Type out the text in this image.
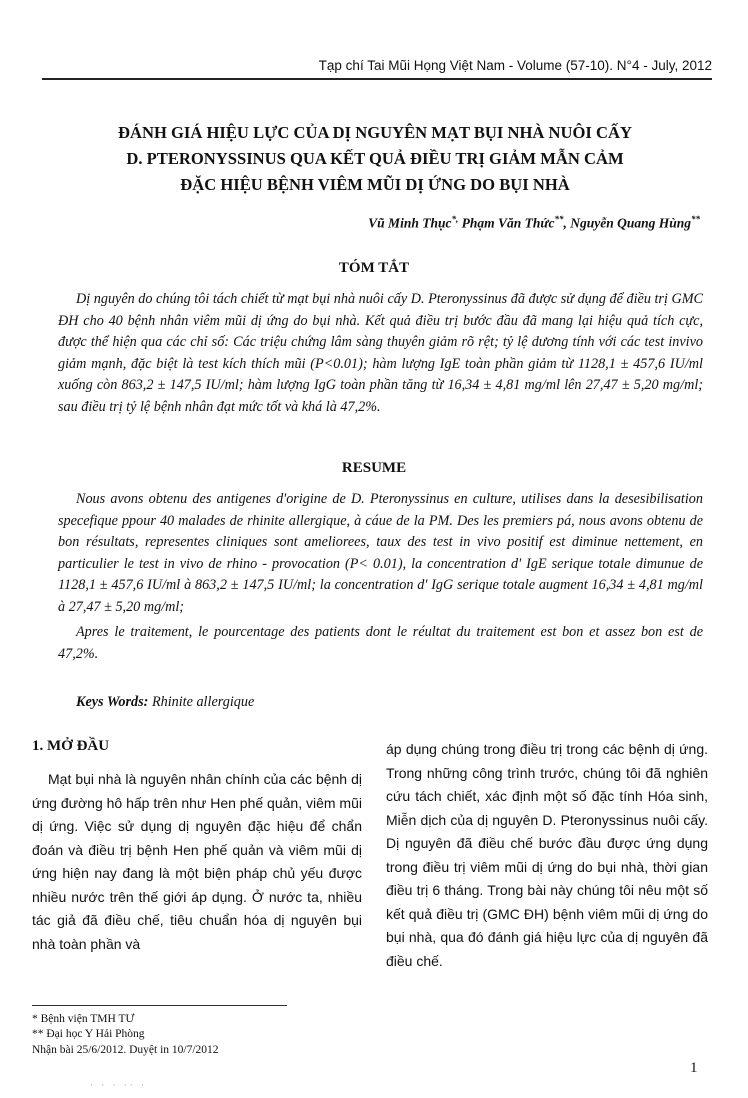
Tạp chí Tai Mũi Họng Việt Nam - Volume (57-10). N°4 - July, 2012
ĐÁNH GIÁ HIỆU LỰC CỦA DỊ NGUYÊN MẠT BỤI NHÀ NUÔI CẤY
D. PTERONYSSINUS QUA KẾT QUẢ ĐIỀU TRỊ GIẢM MẪN CẢM
ĐẶC HIỆU BỆNH VIÊM MŨI DỊ ỨNG DO BỤI NHÀ
Vũ Minh Thục*, Phạm Văn Thức**, Nguyễn Quang Hùng**
TÓM TẮT

Dị nguyên do chúng tôi tách chiết từ mạt bụi nhà nuôi cấy D. Pteronyssinus đã được sử dụng để điều trị GMC ĐH cho 40 bệnh nhân viêm mũi dị ứng do bụi nhà. Kết quả điều trị bước đầu đã mang lại hiệu quả tích cực, được thể hiện qua các chỉ số: Các triệu chứng lâm sàng thuyên giảm rõ rệt; tỷ lệ dương tính với các test invivo giảm mạnh, đặc biệt là test kích thích mũi (P<0.01); hàm lượng IgE toàn phần giảm từ 1128,1 ± 457,6 IU/ml xuống còn 863,2 ± 147,5 IU/ml; hàm lượng IgG toàn phần tăng từ 16,34 ± 4,81 mg/ml lên 27,47 ± 5,20 mg/ml; sau điều trị tỷ lệ bệnh nhân đạt mức tốt và khá là 47,2%.

RESUME

Nous avons obtenu des antigenes d'origine de D. Pteronyssinus en culture, utilises dans la desesibilisation specefique ppour 40 malades de rhinite allergique, à cáue de la PM. Des les premiers pá, nous avons obtenu de bon résultats, representes cliniques sont ameliorees, taux des test in vivo positif est diminue nettement, en particulier le test in vivo de rhino - provocation (P< 0.01), la concentration d' IgE serique totale dimunue de 1128,1 ± 457,6 IU/ml à 863,2 ± 147,5 IU/ml; la concentration d' IgG serique totale augment 16,34 ± 4,81 mg/ml à 27,47 ± 5,20 mg/ml;

Apres le traitement, le pourcentage des patients dont le réultat du traitement est bon et assez bon est de 47,2%.

Keys Words: Rhinite allergique
1. MỞ ĐẦU

Mạt bụi nhà là nguyên nhân chính của các bệnh dị ứng đường hô hấp trên như Hen phế quản, viêm mũi dị ứng. Việc sử dụng dị nguyên đặc hiệu để chẩn đoán và điều trị bệnh Hen phế quản và viêm mũi dị ứng hiện nay đang là một biện pháp chủ yếu được nhiều nước trên thế giới áp dụng. Ở nước ta, nhiều tác giả đã điều chế, tiêu chuẩn hóa dị nguyên bụi nhà toàn phần và

áp dụng chúng trong điều trị trong các bệnh dị ứng. Trong những công trình trước, chúng tôi đã nghiên cứu tách chiết, xác định một số đặc tính Hóa sinh, Miễn dịch của dị nguyên D. Pteronyssinus nuôi cấy. Dị nguyên đã điều chế bước đầu được ứng dụng trong điều trị viêm mũi dị ứng do bụi nhà, thời gian điều trị 6 tháng. Trong bài này chúng tôi nêu một số kết quả điều trị (GMC ĐH) bệnh viêm mũi dị ứng do bụi nhà, qua đó đánh giá hiệu lực của dị nguyên đã điều chế.

* Bệnh viện TMH TƯ
** Đại học Y Hải Phòng
Nhận bài 25/6/2012. Duyệt in 10/7/2012
1
· · · ·· ·
